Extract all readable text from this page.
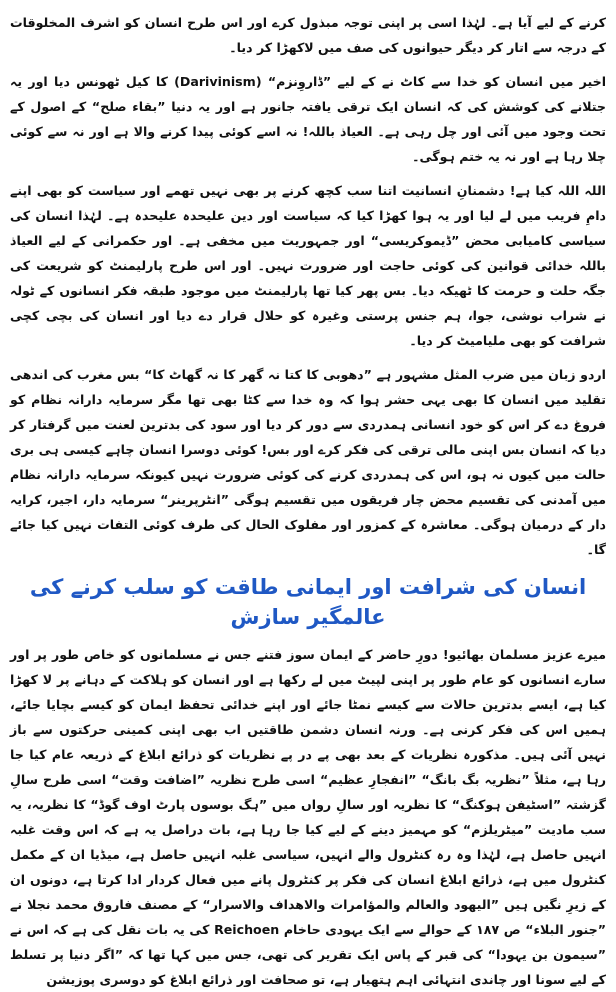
کرنے کے لیے آیا ہے۔ لہٰذا اسی پر اپنی توجہ مبذول کرے اور اس طرح انسان کو اشرف المخلوقات کے درجہ سے اتار کر دیگر حیوانوں کی صف میں لاکھڑا کر دیا۔

اخیر میں انسان کو خدا سے کاٹ نے کے لیے ”ڈاروِنزم“ (Darivinism) کا کیل ٹھونس دیا اور یہ جتلانے کی کوشش کی کہ انسان ایک ترقی یافتہ جانور ہے اور یہ دنیا ”بقاء صلح“ کے اصول کے تحت وجود میں آئی اور چل رہی ہے۔ العیاذ باللہ! نہ اسے کوئی پیدا کرنے والا ہے اور نہ سے کوئی چلا رہا ہے اور نہ یہ ختم ہوگی۔

اللہ اللہ کیا ہے! دشمنانِ انسانیت اتنا سب کچھ کرنے پر بھی نہیں تھمے اور سیاست کو بھی اپنے دامِ فریب میں لے لیا اور یہ ہوا کھڑا کیا کہ سیاست اور دین علیحدہ علیحدہ ہے۔ لہٰذا انسان کی سیاسی کامیابی محض ”ڈیموکریسی“ اور جمہوریت میں مخفی ہے۔ اور حکمرانی کے لیے العیاذ باللہ خدائی قوانین کی کوئی حاجت اور ضرورت نہیں۔ اور اس طرح پارلیمنٹ کو شریعت کی جگہ حلت و حرمت کا ٹھیکہ دیا۔ بس پھر کیا تھا پارلیمنٹ میں موجود طبقہ فکر انسانوں کے ٹولہ نے شراب نوشی، جوا، ہم جنس پرستی وغیرہ کو حلال قرار دے دیا اور انسان کی بچی کچی شرافت کو بھی ملیامیٹ کر دیا۔

اردو زبان میں ضرب المثل مشہور ہے ”دھوبی کا کتا نہ گھر کا نہ گھاٹ کا“ بس مغرب کی اندھی تقلید میں انسان کا بھی یہی حشر ہوا کہ وہ خدا سے کٹا بھی تھا مگر سرمایہ دارانہ نظام کو فروغ دے کر اس کو خود انسانی ہمدردی سے دور کر دیا اور سود کی بدترین لعنت میں گرفتار کر دیا کہ انسان بس اپنی مالی ترقی کی فکر کرے اور بس! کوئی دوسرا انسان چاہے کیسی ہی بری حالت میں کیوں نہ ہو، اس کی ہمدردی کرنے کی کوئی ضرورت نہیں کیونکہ سرمایہ دارانہ نظام میں آمدنی کی تقسیم محض چار فریقوں میں تقسیم ہوگی ”انٹرپرینر“ سرمایہ دار، اجیر، کرایہ دار کے درمیان ہوگی۔ معاشرہ کے کمزور اور مفلوک الحال کی طرف کوئی التفات نہیں کیا جائے گا۔

انسان کی شرافت اور ایمانی طاقت کو سلب کرنے کی عالمگیر سازش

میرے عزیز مسلمان بھائیو! دورِ حاضر کے ایمان سوز فتنے جس نے مسلمانوں کو خاص طور پر اور سارے انسانوں کو عام طور پر اپنی لپیٹ میں لے رکھا ہے اور انسان کو ہلاکت کے دہانے پر لا کھڑا کیا ہے، ایسے بدترین حالات سے کیسے نمٹا جائے اور اپنے خدائی تحفظ ایمان کو کیسے بچایا جائے، ہمیں اس کی فکر کرنی ہے۔ ورنہ انسان دشمن طاقتیں اب بھی اپنی کمینی حرکتوں سے باز نہیں آئی ہیں۔ مذکورہ نظریات کے بعد بھی پے در پے نظریات کو ذرائع ابلاغ کے ذریعہ عام کیا جا رہا ہے، مثلاً ”نظریہ بگ بانگ“ ”انفجارِ عظیم“ اسی طرح نظریہ ”اضافت وقت“ اسی طرح سالِ گزشتہ ”اسٹیفن ہوکنگ“ کا نظریہ اور سالِ رواں میں ”ہگ بوسوں پارٹ اوف گوڈ“ کا نظریہ، یہ سب مادیت ”میٹریلزم“ کو مہمیز دینے کے لیے کیا جا رہا ہے، بات دراصل یہ ہے کہ اس وقت غلبہ انہیں حاصل ہے، لہٰذا وہ رہ کنٹرول والے انہیں، سیاسی غلبہ انہیں حاصل ہے، میڈیا ان کے مکمل کنٹرول میں ہے، ذرائع ابلاغ انسان کی فکر پر کنٹرول پانے میں فعال کردار ادا کرتا ہے، دونوں ان کے زیرِ نگیں ہیں ”الیھود والعالم والمؤامرات والاھداف والاسرار“ کے مصنف فاروق محمد نجلا نے ”جنور البلاء“ ص ۱۸۷ کے حوالے سے ایک یہودی حاخام Reichoen کی یہ بات نقل کی ہے کہ اس نے ”سیمون بن یہودا“ کی قبر کے پاس ایک تقریر کی تھی، جس میں کہا تھا کہ ”اگر دنیا پر تسلط کے لیے سونا اور چاندی انتہائی اہم ہتھیار ہے، تو صحافت اور ذرائع ابلاغ کو دوسری پوزیشن
